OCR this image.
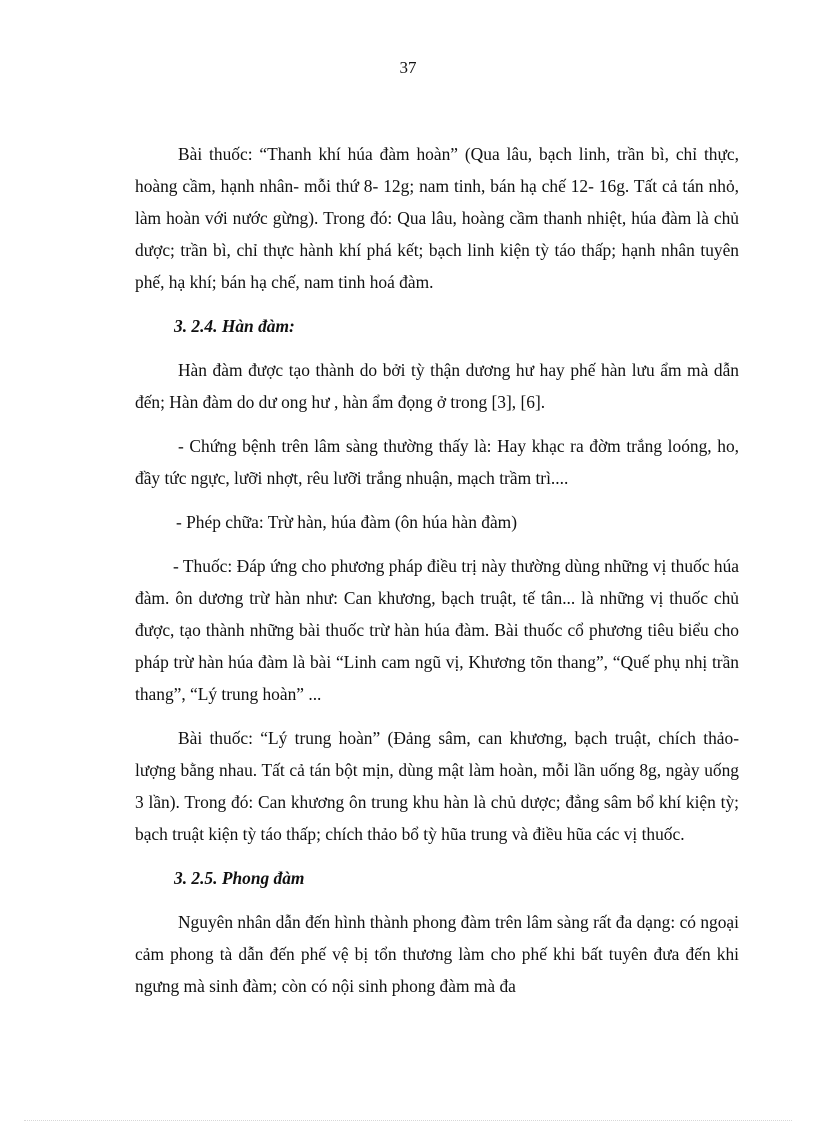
37

Bài thuốc: “Thanh khí húa đàm hoàn” (Qua lâu, bạch linh, trần bì, chỉ thực, hoàng cầm, hạnh nhân- mỗi thứ 8- 12g; nam tinh, bán hạ chế 12- 16g. Tất cả tán nhỏ, làm hoàn với nước gừng). Trong đó: Qua lâu, hoàng cầm thanh nhiệt, húa đàm là chủ dược; trần bì, chỉ thực hành khí phá kết; bạch linh kiện tỳ táo thấp; hạnh nhân tuyên phế, hạ khí; bán hạ chế, nam tinh hoá đàm.

3. 2.4. Hàn đàm:

Hàn đàm được tạo thành do bởi tỳ thận dương hư hay phế hàn lưu ẩm mà dẫn đến; Hàn đàm do dư ong hư , hàn ẩm đọng ở trong [3], [6].

- Chứng bệnh trên lâm sàng thường thấy là: Hay khạc ra đờm trắng loóng, ho, đầy tức ngực, lưỡi nhợt, rêu lưỡi trắng nhuận, mạch trầm trì....

- Phép chữa: Trừ hàn, húa đàm (ôn húa hàn đàm)

- Thuốc: Đáp ứng cho phương pháp điều trị này thường dùng những vị thuốc húa đàm. ôn dương trừ hàn như: Can khương, bạch truật, tế tân... là những vị thuốc chủ được, tạo thành những bài thuốc trừ hàn húa đàm. Bài thuốc cổ phương tiêu biểu cho pháp trừ hàn húa đàm là bài “Linh cam ngũ vị, Khương tõn thang”, “Quế phụ nhị trần thang”, “Lý trung hoàn” ...

Bài thuốc: “Lý trung hoàn” (Đảng sâm, can khương, bạch truật, chích thảo- lượng bằng nhau. Tất cả tán bột mịn, dùng mật làm hoàn, mỗi lần uống 8g, ngày uống 3 lần). Trong đó: Can khương ôn trung khu hàn là chủ dược; đẳng sâm bổ khí kiện tỳ; bạch truật kiện tỳ táo thấp; chích thảo bổ tỳ hũa trung và điều hũa các vị thuốc.

3. 2.5. Phong đàm

Nguyên nhân dẫn đến hình thành phong đàm trên lâm sàng rất đa dạng: có ngoại cảm phong tà dẫn đến phế vệ bị tổn thương làm cho phế khi bất tuyên đưa đến khi ngưng mà sinh đàm; còn có nội sinh phong đàm mà đa
